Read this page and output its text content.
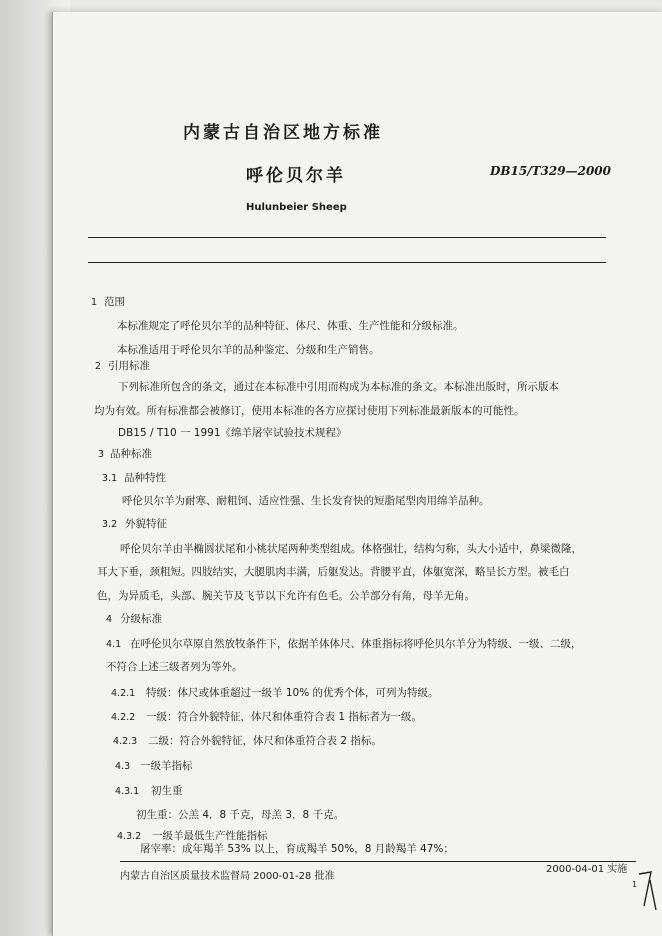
内蒙古自治区地方标准
呼伦贝尔羊	DB15/T329—2000
Hulunbeier Sheep
1 范围
本标准规定了呼伦贝尔羊的品种特征、体尺、体重、生产性能和分级标准。
本标准适用于呼伦贝尔羊的品种鉴定、分级和生产销售。
2 引用标准
下列标准所包含的条文，通过在本标准中引用而构成为本标准的条文。本标准出版时，所示版本
均为有效。所有标准都会被修订，使用本标准的各方应探讨使用下列标准最新版本的可能性。
DB15 / T10 一 1991《绵羊屠宰试验技术规程》
3 品种标准
3.1 品种特性
呼伦贝尔羊为耐寒、耐粗饲、适应性强、生长发育快的短脂尾型肉用绵羊品种。
3.2 外貌特征
呼伦贝尔羊由半椭圆状尾和小桃状尾两种类型组成。体格强壮，结构匀称，头大小适中，鼻梁微隆，
耳大下垂，颈粗短。四肢结实，大腿肌肉丰满，后躯发达。背腰平直，体躯宽深，略呈长方型。被毛白
色，为异质毛，头部、腕关节及飞节以下允许有色毛。公羊部分有角，母羊无角。
4 分级标准
4.1 在呼伦贝尔草原自然放牧条件下，依据羊体体尺、体重指标将呼伦贝尔羊分为特级、一级、二级，
不符合上述三级者列为等外。
4.2.1 特级：体尺或体重超过一级羊 10% 的优秀个体，可列为特级。
4.2.2 一级：符合外貌特征，体尺和体重符合表 1 指标者为一级。
4.2.3 二级：符合外貌特征，体尺和体重符合表 2 指标。
4.3 一级羊指标
4.3.1 初生重
初生重：公羔 4．8 千克，母羔 3．8 千克。
4.3.2 一级羊最低生产性能指标
屠宰率：成年羯羊 53% 以上，育成羯羊 50%，8 月龄羯羊 47%；
内蒙古自治区质量技术监督局 2000-01-28 批准
2000-04-01 实施
1
